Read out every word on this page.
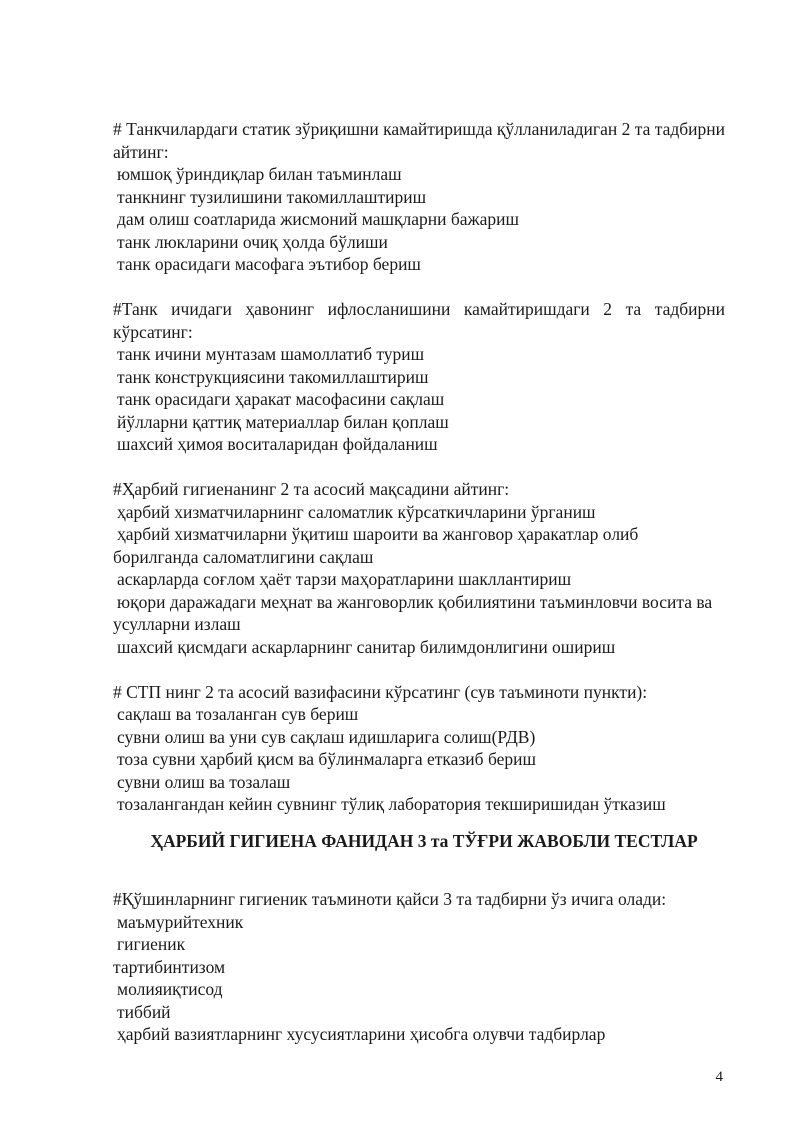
# Танкчилардаги статик зўриқишни камайтиришда қўлланиладиган 2 та тадбирни айтинг:

юмшоқ ўриндиқлар билан таъминлаш

танкнинг тузилишини такомиллаштириш

дам олиш соатларида жисмоний машқларни бажариш

танк люкларини очиқ ҳолда бўлиши

танк орасидаги масофага эътибор бериш

#Танк ичидаги ҳавонинг ифлосланишини камайтиришдаги 2 та тадбирни кўрсатинг:

танк ичини мунтазам шамоллатиб туриш

танк конструкциясини такомиллаштириш

танк орасидаги ҳаракат масофасини сақлаш

йўлларни қаттиқ материаллар билан қоплаш

шахсий ҳимоя воситаларидан фойдаланиш

#Ҳарбий гигиенанинг 2 та асосий мақсадини айтинг:

ҳарбий хизматчиларнинг саломатлик кўрсаткичларини ўрганиш

ҳарбий хизматчиларни ўқитиш шароити ва жанговор ҳаракатлар олиб борилганда саломатлигини сақлаш

аскарларда соғлом ҳаёт тарзи маҳоратларини шакллантириш

юқори даражадаги меҳнат ва жанговорлик қобилиятини таъминловчи восита ва усулларни излаш

шахсий қисмдаги аскарларнинг санитар билимдонлигини ошириш

# СТП нинг 2 та асосий вазифасини кўрсатинг (сув таъминоти пункти):

сақлаш ва тозаланган сув бериш

сувни олиш ва уни сув сақлаш идишларига солиш(РДВ)

тоза сувни ҳарбий қисм ва бўлинмаларга етказиб бериш

сувни олиш ва тозалаш

тозалангандан кейин сувнинг тўлиқ лаборатория текширишидан ўтказиш

ҲАРБИЙ ГИГИЕНА ФАНИДАН 3 та ТЎҒРИ ЖАВОБЛИ ТЕСТЛАР

#Қўшинларнинг гигиеник таъминоти қайси 3 та тадбирни ўз ичига олади:

маъмурийтехник

гигиеник

тартибинтизом

молияиқтисод

тиббий

ҳарбий вазиятларнинг хусусиятларини ҳисобга олувчи тадбирлар

4
